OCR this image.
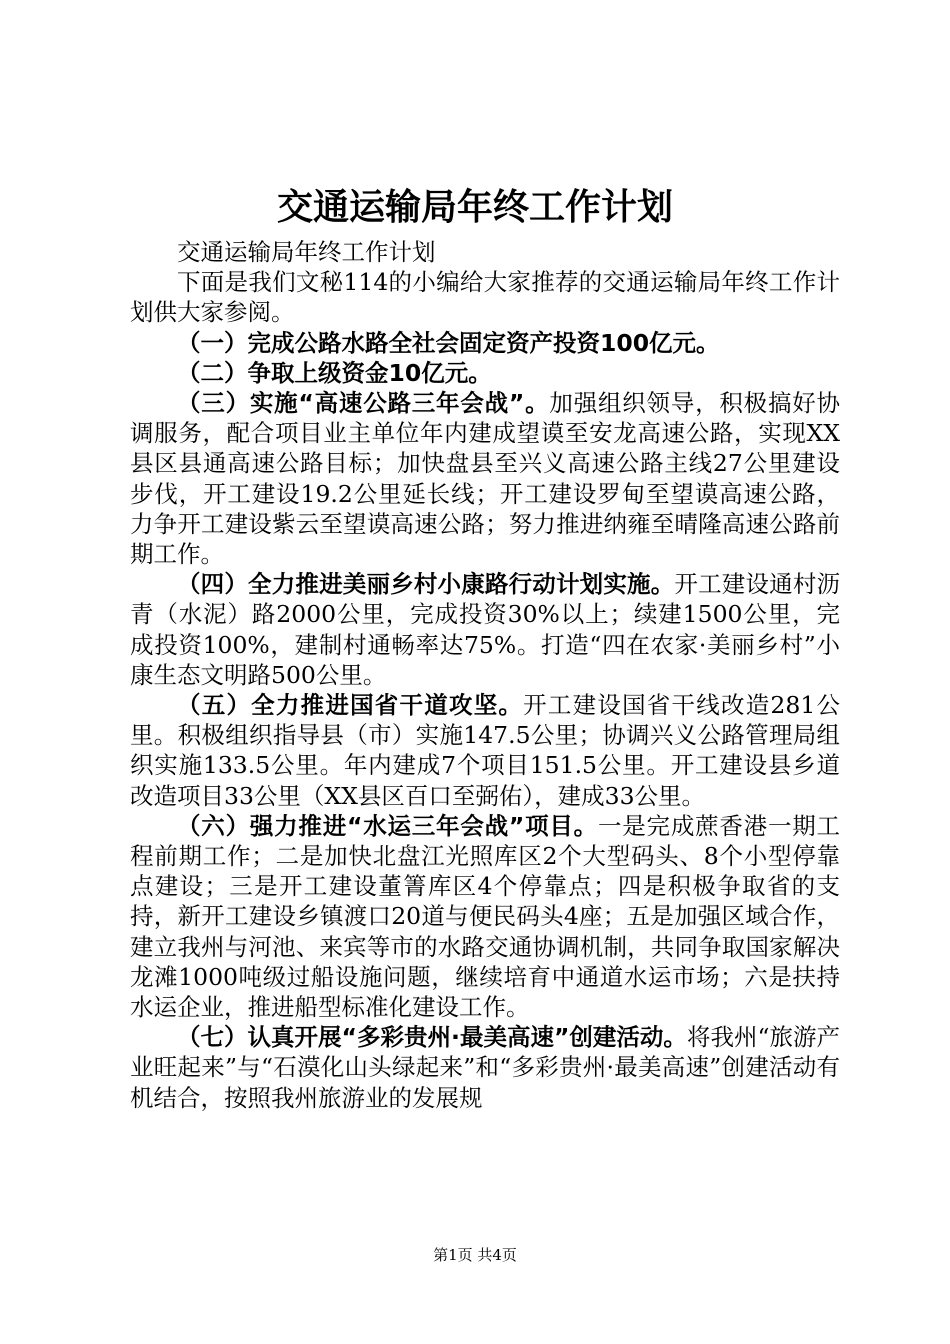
交通运输局年终工作计划

交通运输局年终工作计划

下面是我们文秘114的小编给大家推荐的交通运输局年终工作计划供大家参阅。

（一）完成公路水路全社会固定资产投资100亿元。

（二）争取上级资金10亿元。

（三）实施“高速公路三年会战”。加强组织领导，积极搞好协调服务，配合项目业主单位年内建成望谟至安龙高速公路，实现XX县区县通高速公路目标；加快盘县至兴义高速公路主线27公里建设步伐，开工建设19.2公里延长线；开工建设罗甸至望谟高速公路，力争开工建设紫云至望谟高速公路；努力推进纳雍至晴隆高速公路前期工作。

（四）全力推进美丽乡村小康路行动计划实施。开工建设通村沥青（水泥）路2000公里，完成投资30%以上；续建1500公里，完成投资100%，建制村通畅率达75%。打造“四在农家·美丽乡村”小康生态文明路500公里。

（五）全力推进国省干道攻坚。开工建设国省干线改造281公里。积极组织指导县（市）实施147.5公里；协调兴义公路管理局组织实施133.5公里。年内建成7个项目151.5公里。开工建设县乡道改造项目33公里（XX县区百口至弼佑），建成33公里。

（六）强力推进“水运三年会战”项目。一是完成蔗香港一期工程前期工作；二是加快北盘江光照库区2个大型码头、8个小型停靠点建设；三是开工建设董箐库区4个停靠点；四是积极争取省的支持，新开工建设乡镇渡口20道与便民码头4座；五是加强区域合作，建立我州与河池、来宾等市的水路交通协调机制，共同争取国家解决龙滩1000吨级过船设施问题，继续培育中通道水运市场；六是扶持水运企业，推进船型标准化建设工作。

（七）认真开展“多彩贵州·最美高速”创建活动。将我州“旅游产业旺起来”与“石漠化山头绿起来”和“多彩贵州·最美高速”创建活动有机结合，按照我州旅游业的发展规

第1页 共4页
